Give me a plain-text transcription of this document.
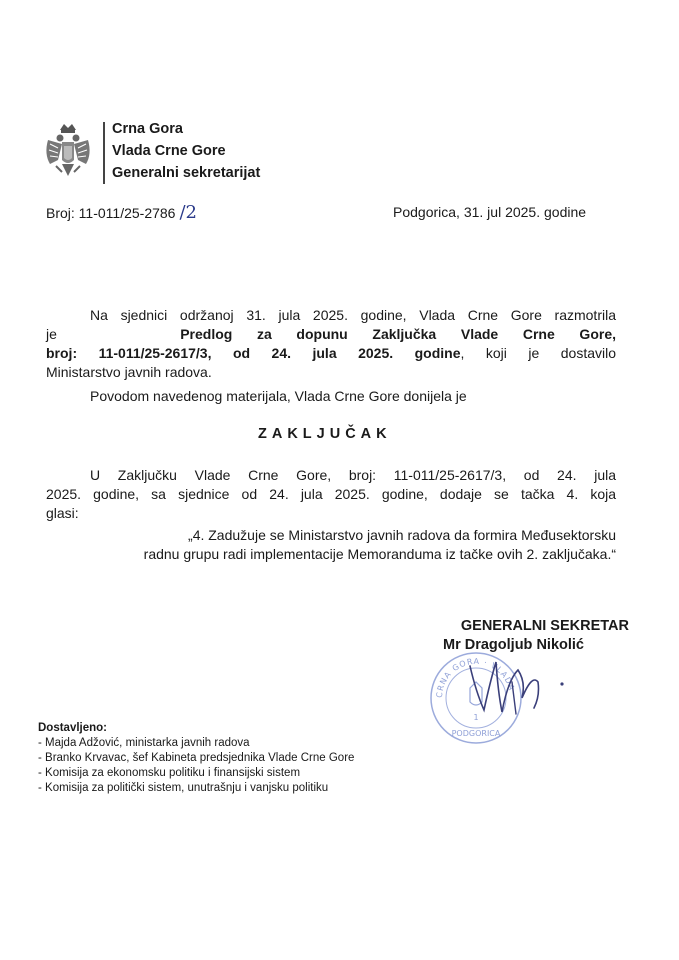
Crna Gora
Vlada Crne Gore
Generalni sekretarijat
Broj: 11-011/25-2786 /2	Podgorica, 31. jul 2025. godine
Na sjednici održanoj 31. jula 2025. godine, Vlada Crne Gore razmotrila
je	Predlog za dopunu Zaključka Vlade Crne Gore,
broj: 11-011/25-2617/3, od 24. jula 2025. godine, koji je dostavilo
Ministarstvo javnih radova.
Povodom navedenog materijala, Vlada Crne Gore donijela je
ZAKLJUČAK
U Zaključku Vlade Crne Gore, broj: 11-011/25-2617/3, od 24. jula
2025. godine, sa sjednice od 24. jula 2025. godine, dodaje se tačka 4. koja
glasi:
„4. Zadužuje se Ministarstvo javnih radova da formira Međusektorsku
radnu grupu radi implementacije Memoranduma iz tačke ovih 2. zaključaka.“
GENERALNI SEKRETAR
Mr Dragoljub Nikolić
CRNA GORA · VLADA
1
PODGORICA
Dostavljeno:
- Majda Adžović, ministarka javnih radova
- Branko Krvavac, šef Kabineta predsjednika Vlade Crne Gore
- Komisija za ekonomsku politiku i finansijski sistem
- Komisija za politički sistem, unutrašnju i vanjsku politiku
